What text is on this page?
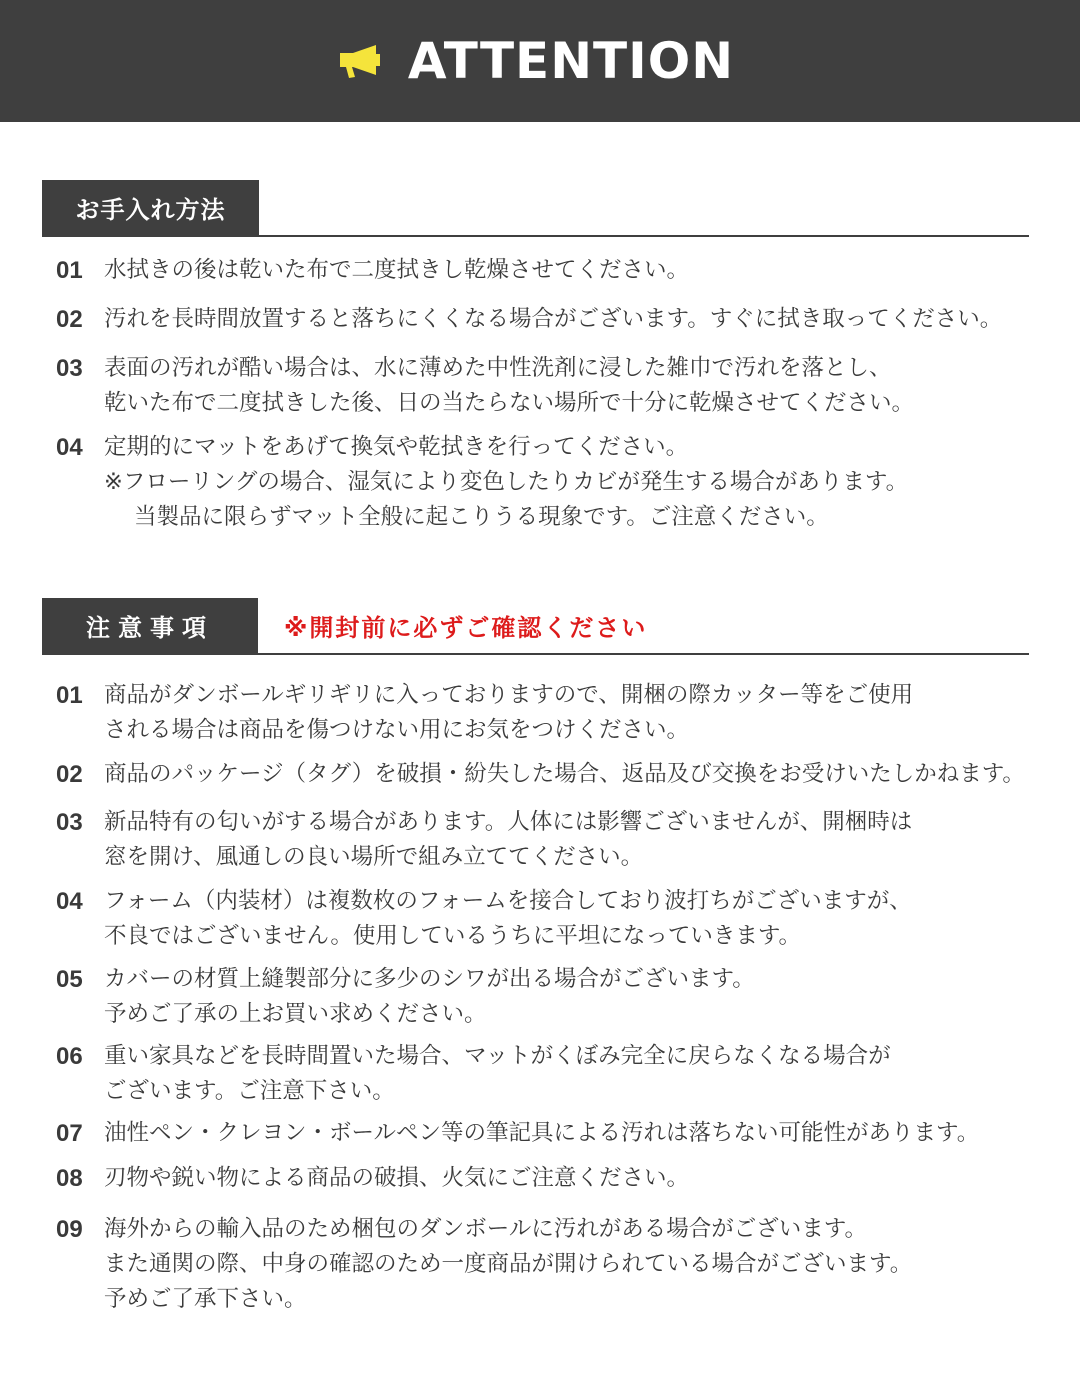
ATTENTION
お手入れ方法
01 水拭きの後は乾いた布で二度拭きし乾燥させてください。
02 汚れを長時間放置すると落ちにくくなる場合がございます。すぐに拭き取ってください。
03 表面の汚れが酷い場合は、水に薄めた中性洗剤に浸した雑巾で汚れを落とし、
乾いた布で二度拭きした後、日の当たらない場所で十分に乾燥させてください。
04 定期的にマットをあげて換気や乾拭きを行ってください。
※フローリングの場合、湿気により変色したりカビが発生する場合があります。
当製品に限らずマット全般に起こりうる現象です。ご注意ください。
注意事項	※開封前に必ずご確認ください
01 商品がダンボールギリギリに入っておりますので、開梱の際カッター等をご使用
される場合は商品を傷つけない用にお気をつけください。
02 商品のパッケージ（タグ）を破損・紛失した場合、返品及び交換をお受けいたしかねます。
03 新品特有の匂いがする場合があります。人体には影響ございませんが、開梱時は
窓を開け、風通しの良い場所で組み立ててください。
04 フォーム（内装材）は複数枚のフォームを接合しており波打ちがございますが、
不良ではございません。使用しているうちに平坦になっていきます。
05 カバーの材質上縫製部分に多少のシワが出る場合がございます。
予めご了承の上お買い求めください。
06 重い家具などを長時間置いた場合、マットがくぼみ完全に戻らなくなる場合が
ございます。ご注意下さい。
07 油性ペン・クレヨン・ボールペン等の筆記具による汚れは落ちない可能性があります。
08 刃物や鋭い物による商品の破損、火気にご注意ください。
09 海外からの輸入品のため梱包のダンボールに汚れがある場合がございます。
また通関の際、中身の確認のため一度商品が開けられている場合がございます。
予めご了承下さい。
